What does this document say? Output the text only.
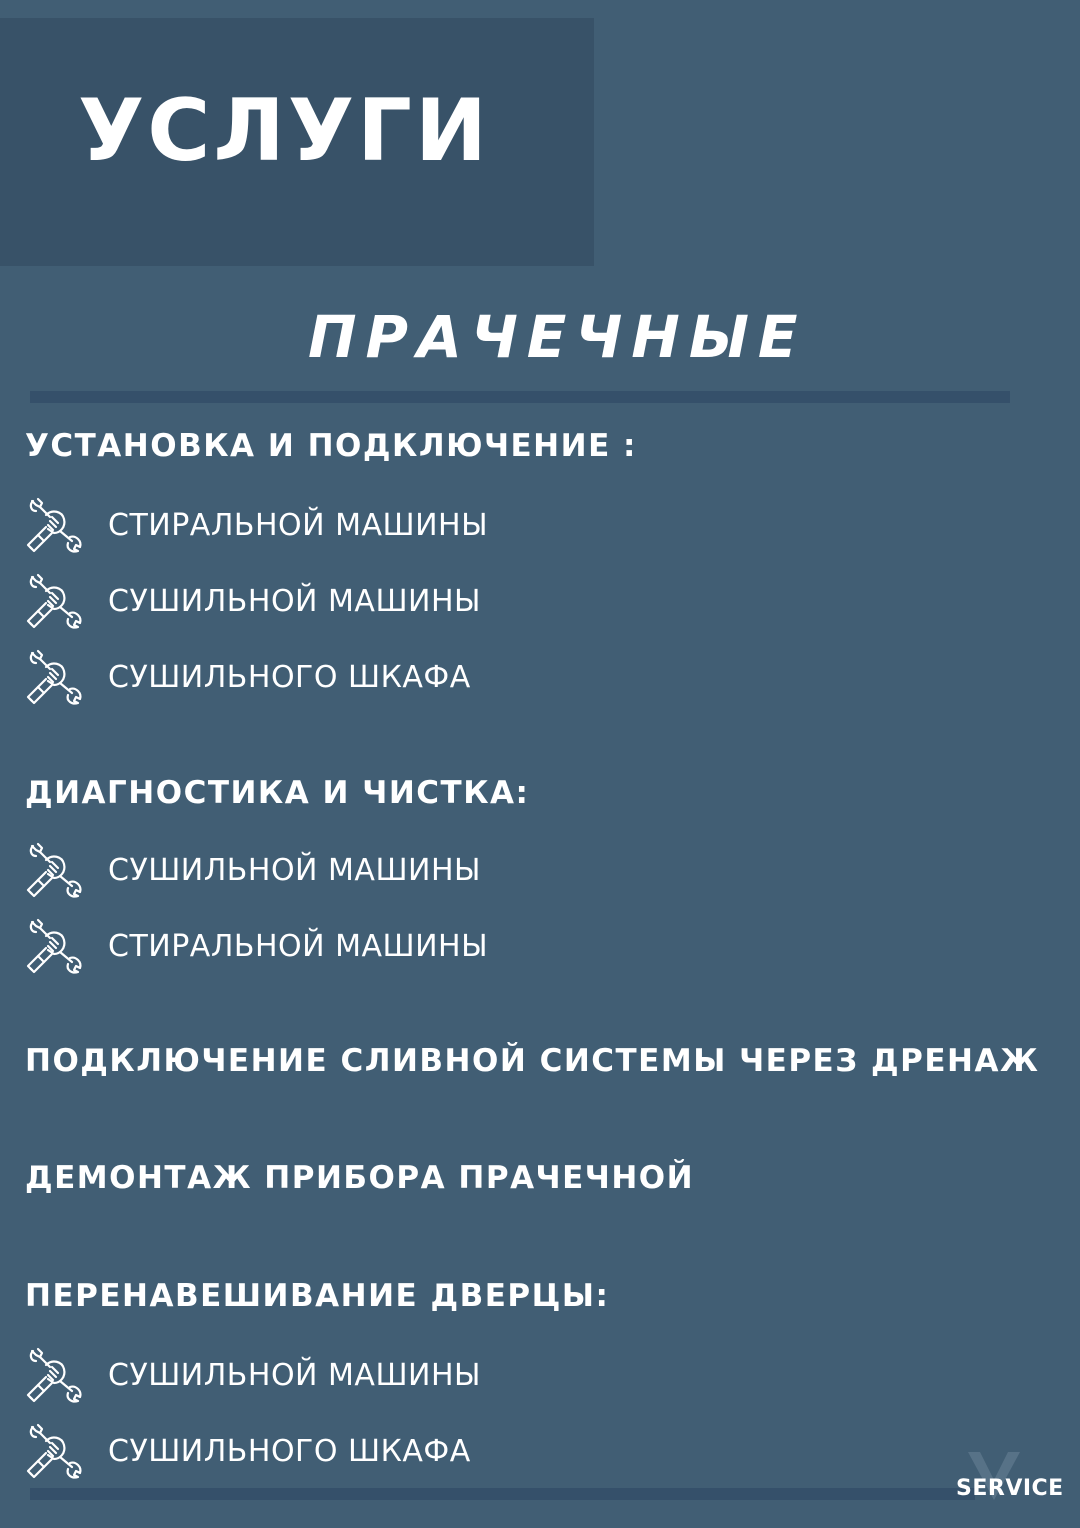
УСЛУГИ
ПРАЧЕЧНЫЕ
УСТАНОВКА И ПОДКЛЮЧЕНИЕ :
СТИРАЛЬНОЙ МАШИНЫ
СУШИЛЬНОЙ МАШИНЫ
СУШИЛЬНОГО ШКАФА
ДИАГНОСТИКА И ЧИСТКА:
СУШИЛЬНОЙ МАШИНЫ
СТИРАЛЬНОЙ МАШИНЫ
ПОДКЛЮЧЕНИЕ СЛИВНОЙ СИСТЕМЫ ЧЕРЕЗ ДРЕНАЖ
ДЕМОНТАЖ ПРИБОРА ПРАЧЕЧНОЙ
ПЕРЕНАВЕШИВАНИЕ ДВЕРЦЫ:
СУШИЛЬНОЙ МАШИНЫ
СУШИЛЬНОГО ШКАФА
SERVICE
